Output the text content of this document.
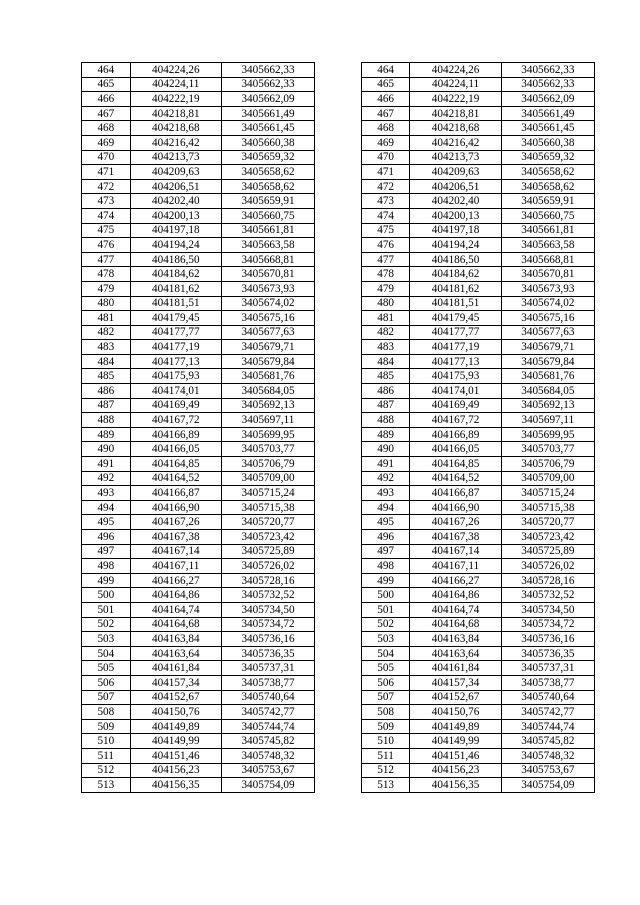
464	404224,26	3405662,33		464	404224,26	3405662,33
465	404224,11	3405662,33		465	404224,11	3405662,33
466	404222,19	3405662,09		466	404222,19	3405662,09
467	404218,81	3405661,49		467	404218,81	3405661,49
468	404218,68	3405661,45		468	404218,68	3405661,45
469	404216,42	3405660,38		469	404216,42	3405660,38
470	404213,73	3405659,32		470	404213,73	3405659,32
471	404209,63	3405658,62		471	404209,63	3405658,62
472	404206,51	3405658,62		472	404206,51	3405658,62
473	404202,40	3405659,91		473	404202,40	3405659,91
474	404200,13	3405660,75		474	404200,13	3405660,75
475	404197,18	3405661,81		475	404197,18	3405661,81
476	404194,24	3405663,58		476	404194,24	3405663,58
477	404186,50	3405668,81		477	404186,50	3405668,81
478	404184,62	3405670,81		478	404184,62	3405670,81
479	404181,62	3405673,93		479	404181,62	3405673,93
480	404181,51	3405674,02		480	404181,51	3405674,02
481	404179,45	3405675,16		481	404179,45	3405675,16
482	404177,77	3405677,63		482	404177,77	3405677,63
483	404177,19	3405679,71		483	404177,19	3405679,71
484	404177,13	3405679,84		484	404177,13	3405679,84
485	404175,93	3405681,76		485	404175,93	3405681,76
486	404174,01	3405684,05		486	404174,01	3405684,05
487	404169,49	3405692,13		487	404169,49	3405692,13
488	404167,72	3405697,11		488	404167,72	3405697,11
489	404166,89	3405699,95		489	404166,89	3405699,95
490	404166,05	3405703,77		490	404166,05	3405703,77
491	404164,85	3405706,79		491	404164,85	3405706,79
492	404164,52	3405709,00		492	404164,52	3405709,00
493	404166,87	3405715,24		493	404166,87	3405715,24
494	404166,90	3405715,38		494	404166,90	3405715,38
495	404167,26	3405720,77		495	404167,26	3405720,77
496	404167,38	3405723,42		496	404167,38	3405723,42
497	404167,14	3405725,89		497	404167,14	3405725,89
498	404167,11	3405726,02		498	404167,11	3405726,02
499	404166,27	3405728,16		499	404166,27	3405728,16
500	404164,86	3405732,52		500	404164,86	3405732,52
501	404164,74	3405734,50		501	404164,74	3405734,50
502	404164,68	3405734,72		502	404164,68	3405734,72
503	404163,84	3405736,16		503	404163,84	3405736,16
504	404163,64	3405736,35		504	404163,64	3405736,35
505	404161,84	3405737,31		505	404161,84	3405737,31
506	404157,34	3405738,77		506	404157,34	3405738,77
507	404152,67	3405740,64		507	404152,67	3405740,64
508	404150,76	3405742,77		508	404150,76	3405742,77
509	404149,89	3405744,74		509	404149,89	3405744,74
510	404149,99	3405745,82		510	404149,99	3405745,82
511	404151,46	3405748,32		511	404151,46	3405748,32
512	404156,23	3405753,67		512	404156,23	3405753,67
513	404156,35	3405754,09		513	404156,35	3405754,09
